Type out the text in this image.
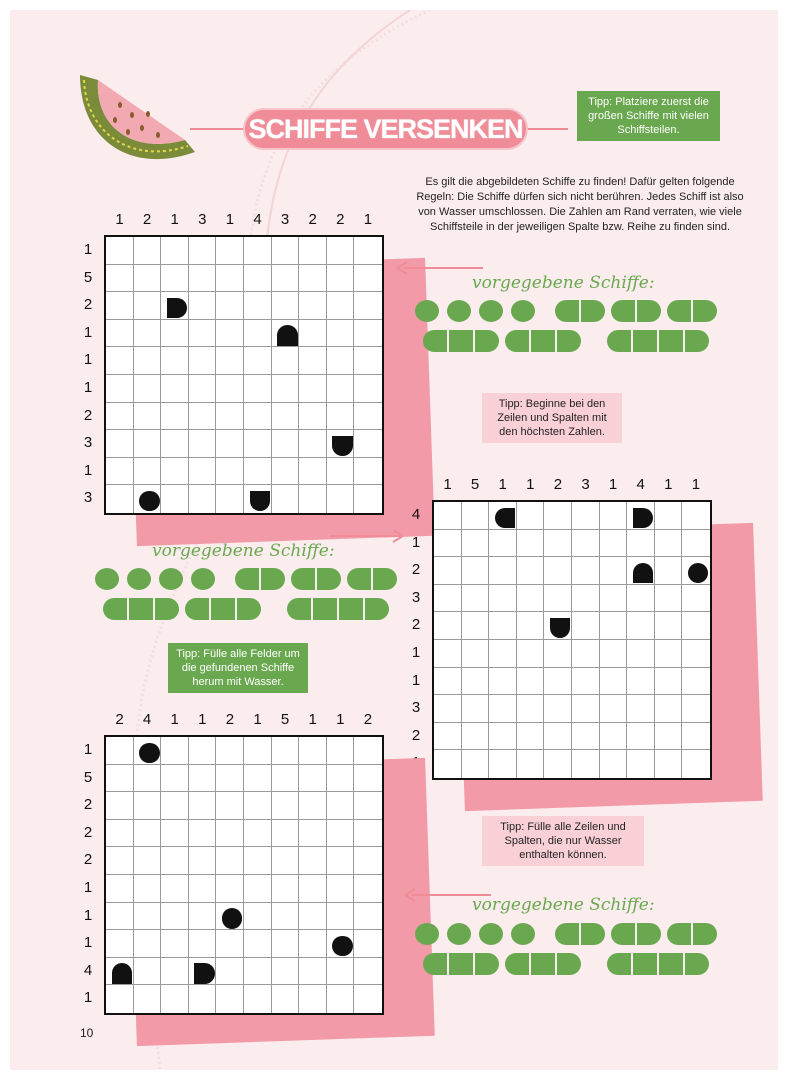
SCHIFFE VERSENKEN
Tipp: Platziere zuerst die großen Schiffe mit vielen Schiffsteilen.
Es gilt die abgebildeten Schiffe zu finden! Dafür gelten folgende Regeln: Die Schiffe dürfen sich nicht berühren. Jedes Schiff ist also von Wasser umschlossen. Die Zahlen am Rand verraten, wie viele Schiffsteile in der jeweiligen Spalte bzw. Reihe zu finden sind.
Tipp: Beginne bei den Zeilen und Spalten mit den höchsten Zahlen.
Tipp: Fülle alle Felder um die gefundenen Schiffe herum mit Wasser.
Tipp: Fülle alle Zeilen und Spalten, die nur Wasser enthalten können.
1	2	1	3	1	4	3	2	2	1
1
5
2
1
1
1
2
3
1
3
1	5	1	1	2	3	1	4	1	1
4
1
2
3
2
1
1
3
2
2	4	1	1	2	1	5	1	1	2
1
5
2
2
2
1
1
1
4
1
vorgegebene Schiffe:
vorgegebene Schiffe:
vorgegebene Schiffe:
10
